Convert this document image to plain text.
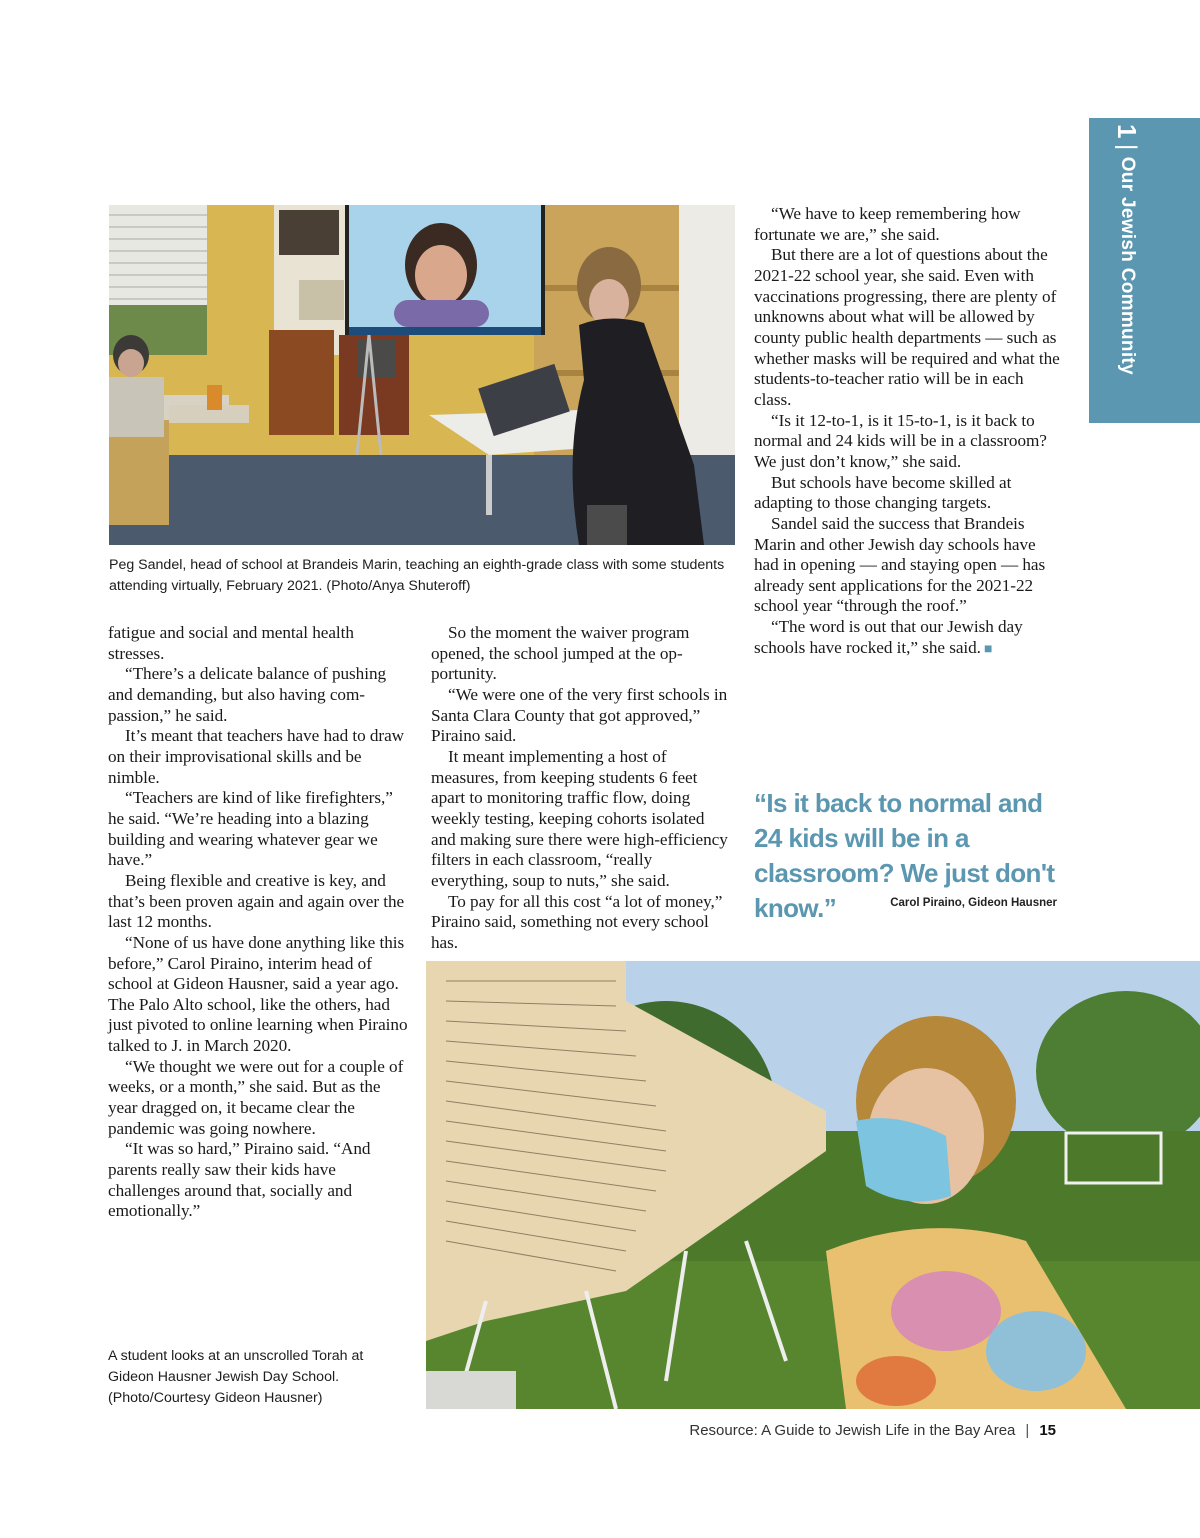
1|Our Jewish Community

Peg Sandel, head of school at Brandeis Marin, teaching an eighth-grade class with some students attending virtually, February 2021. (Photo/Anya Shuteroff)

fatigue and social and mental health stresses.

“There’s a delicate balance of pushing and demanding, but also having compassion,” he said.

It’s meant that teachers have had to draw on their improvisational skills and be nimble.

“Teachers are kind of like firefighters,” he said. “We’re heading into a blazing building and wearing whatever gear we have.”

Being flexible and creative is key, and that’s been proven again and again over the last 12 months.

“None of us have done anything like this before,” Carol Piraino, interim head of school at Gideon Hausner, said a year ago. The Palo Alto school, like the others, had just pivoted to online learning when Piraino talked to J. in March 2020.

“We thought we were out for a couple of weeks, or a month,” she said. But as the year dragged on, it became clear the pandemic was going nowhere.

“It was so hard,” Piraino said. “And parents really saw their kids have challenges around that, socially and emotionally.”

So the moment the waiver program opened, the school jumped at the opportunity.

“We were one of the very first schools in Santa Clara County that got approved,” Piraino said.

It meant implementing a host of measures, from keeping students 6 feet apart to monitoring traffic flow, doing weekly testing, keeping cohorts isolated and making sure there were high-efficiency filters in each classroom, “really everything, soup to nuts,” she said.

To pay for all this cost “a lot of money,” Piraino said, something not every school has.

“We have to keep remembering how fortunate we are,” she said.

But there are a lot of questions about the 2021-22 school year, she said. Even with vaccinations progressing, there are plenty of unknowns about what will be allowed by county public health departments — such as whether masks will be required and what the students-to-teacher ratio will be in each class.

“Is it 12-to-1, is it 15-to-1, is it back to normal and 24 kids will be in a classroom? We just don’t know,” she said.

But schools have become skilled at adapting to those changing targets.

Sandel said the success that Brandeis Marin and other Jewish day schools have had in opening — and staying open — has already sent applications for the 2021-22 school year “through the roof.”

“The word is out that our Jewish day schools have rocked it,” she said. ■

“Is it back to normal and 24 kids will be in a classroom? We just don't know.”	Carol Piraino, Gideon Hausner

A student looks at an unscrolled Torah at Gideon Hausner Jewish Day School. (Photo/Courtesy Gideon Hausner)

Resource: A Guide to Jewish Life in the Bay Area | 15
